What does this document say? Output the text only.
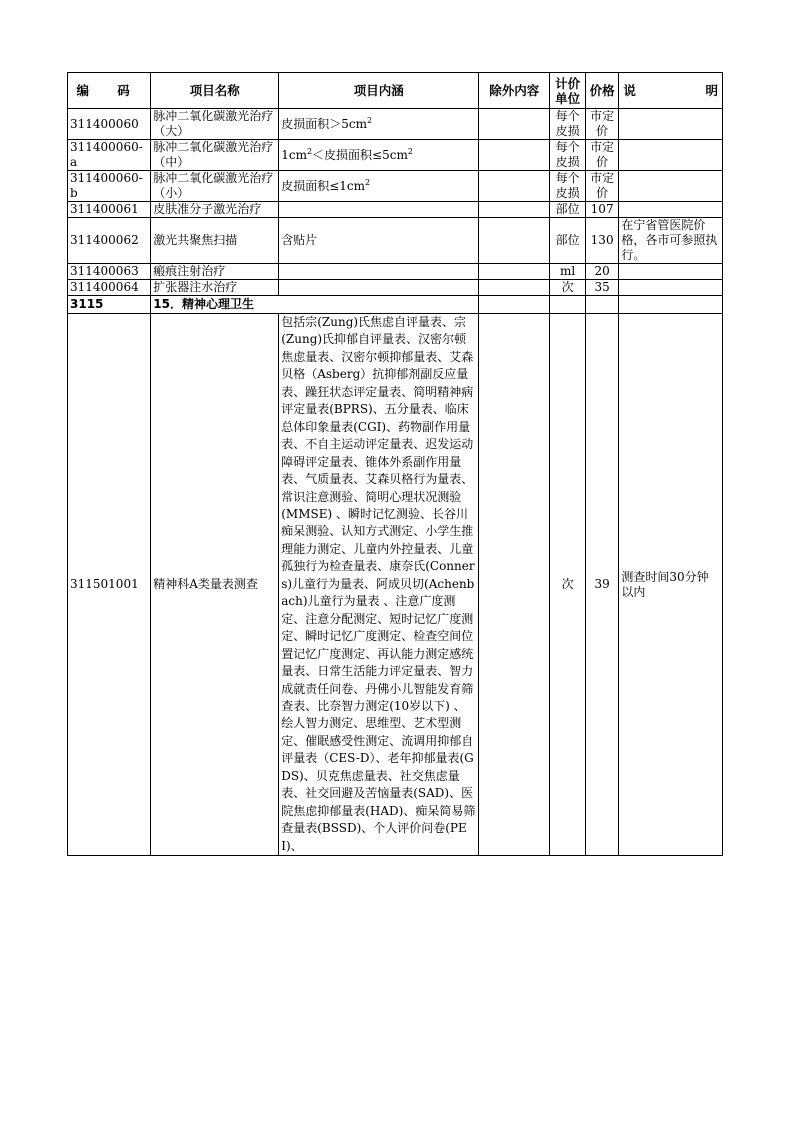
编 码	项目名称	项目内涵	除外内容	计价单位	价格	说 明

311400060	脉冲二氧化碳激光治疗（大）	皮损面积$>5cm^2$		每个皮损	市定价	
311400060-a	脉冲二氧化碳激光治疗（中）	$1cm^2<$皮损面积$\le 5cm^2$		每个皮损	市定价	
311400060-b	脉冲二氧化碳激光治疗（小）	皮损面积$\le 1cm^2$		每个皮损	市定价	
311400061	皮肤准分子激光治疗			部位	107	
311400062	激光共聚焦扫描	含贴片		部位	130	在宁省管医院价格，各市可参照执行。
311400063	瘢痕注射治疗			ml	20	
311400064	扩张器注水治疗			次	35	
3115	15．精神心理卫生					
311501001	精神科A类量表测查	包括宗(Zung)氏焦虑自评量表、宗(Zung)氏抑郁自评量表、汉密尔顿焦虑量表、汉密尔顿抑郁量表、艾森贝格（Asberg）抗抑郁剂副反应量表、躁狂状态评定量表、简明精神病评定量表(BPRS)、五分量表、临床总体印象量表(CGI)、药物副作用量表、不自主运动评定量表、迟发运动障碍评定量表、锥体外系副作用量表、气质量表、艾森贝格行为量表、常识注意测验、简明心理状况测验(MMSE) 、瞬时记忆测验、长谷川痴呆测验、认知方式测定、小学生推理能力测定、儿童内外控量表、儿童孤独行为检查量表、康奈氏(Conners)儿童行为量表、阿成贝切(Achenbach)儿童行为量表 、注意广度测定、注意分配测定、短时记忆广度测定、瞬时记忆广度测定、检查空间位置记忆广度测定、再认能力测定感统量表、日常生活能力评定量表、智力成就责任问卷、丹佛小儿智能发育筛查表、比奈智力测定(10岁以下) 、绘人智力测定、思维型、艺术型测定、催眠感受性测定、流调用抑郁自评量表（CES-D）、老年抑郁量表(GDS)、贝克焦虑量表、社交焦虑量表、社交回避及苦恼量表(SAD)、医院焦虑抑郁量表(HAD)、痴呆简易筛查量表(BSSD)、个人评价问卷(PEI)、		次	39	测查时间30分钟以内
